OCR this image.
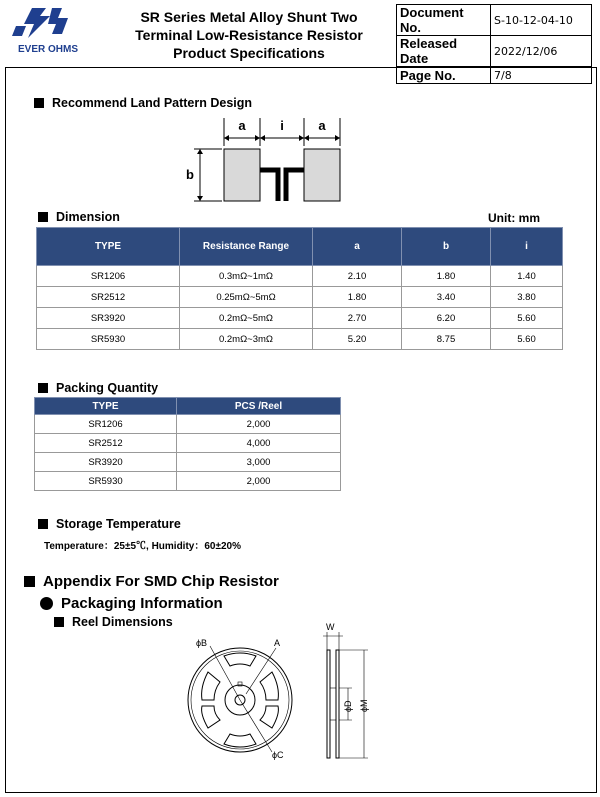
EVER OHMS
SR Series Metal Alloy Shunt Two
Terminal Low-Resistance Resistor
Product Specifications
Document No.	S-10-12-04-10
Released Date	2022/12/06
Page No.	7/8
Recommend Land Pattern Design
a	i	a
b
Dimension	Unit: mm
TYPE	Resistance Range	a	b	i
SR1206	0.3mΩ~1mΩ	2.10	1.80	1.40
SR2512	0.25mΩ~5mΩ	1.80	3.40	3.80
SR3920	0.2mΩ~5mΩ	2.70	6.20	5.60
SR5930	0.2mΩ~3mΩ	5.20	8.75	5.60
Packing Quantity
TYPE	PCS /Reel
SR1206	2,000
SR2512	4,000
SR3920	3,000
SR5930	2,000
Storage Temperature
Temperature：25±5℃, Humidity：60±20%
Appendix For SMD Chip Resistor
Packaging Information
Reel Dimensions
ϕB	A
ϕC
W
ϕD ϕM
